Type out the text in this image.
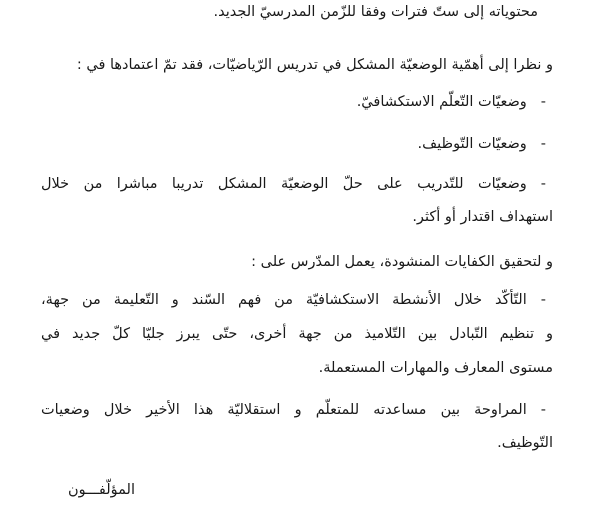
محتوياته إلى ستّ فترات وفقا للزّمن المدرسيّ الجديد.

و نظرا إلى أهمّية الوضعيّة المشكل في تدريس الرّياضيّات، فقد تمّ اعتمادها في :

-وضعيّات التّعلّم الاستكشافيّ.

-وضعيّات التّوظيف.

-وضعيّات للتّدريب على حلّ الوضعيّة المشكل تدريبا مباشرا من خلال

استهداف اقتدار أو أكثر.

و لتحقيق الكفايات المنشودة، يعمل المدّرس على :

-التّأكّد خلال الأنشطة الاستكشافيّة من فهم السّند و التّعليمة من جهة،

و تنظيم التّبادل بين التّلاميذ من جهة أخرى، حتّى يبرز جليّا كلّ جديد في

مستوى المعارف والمهارات المستعملة.

-المراوحة بين مساعدته للمتعلّم و استقلاليّة هذا الأخير خلال وضعيات

التّوظيف.

المؤلّفـــون
